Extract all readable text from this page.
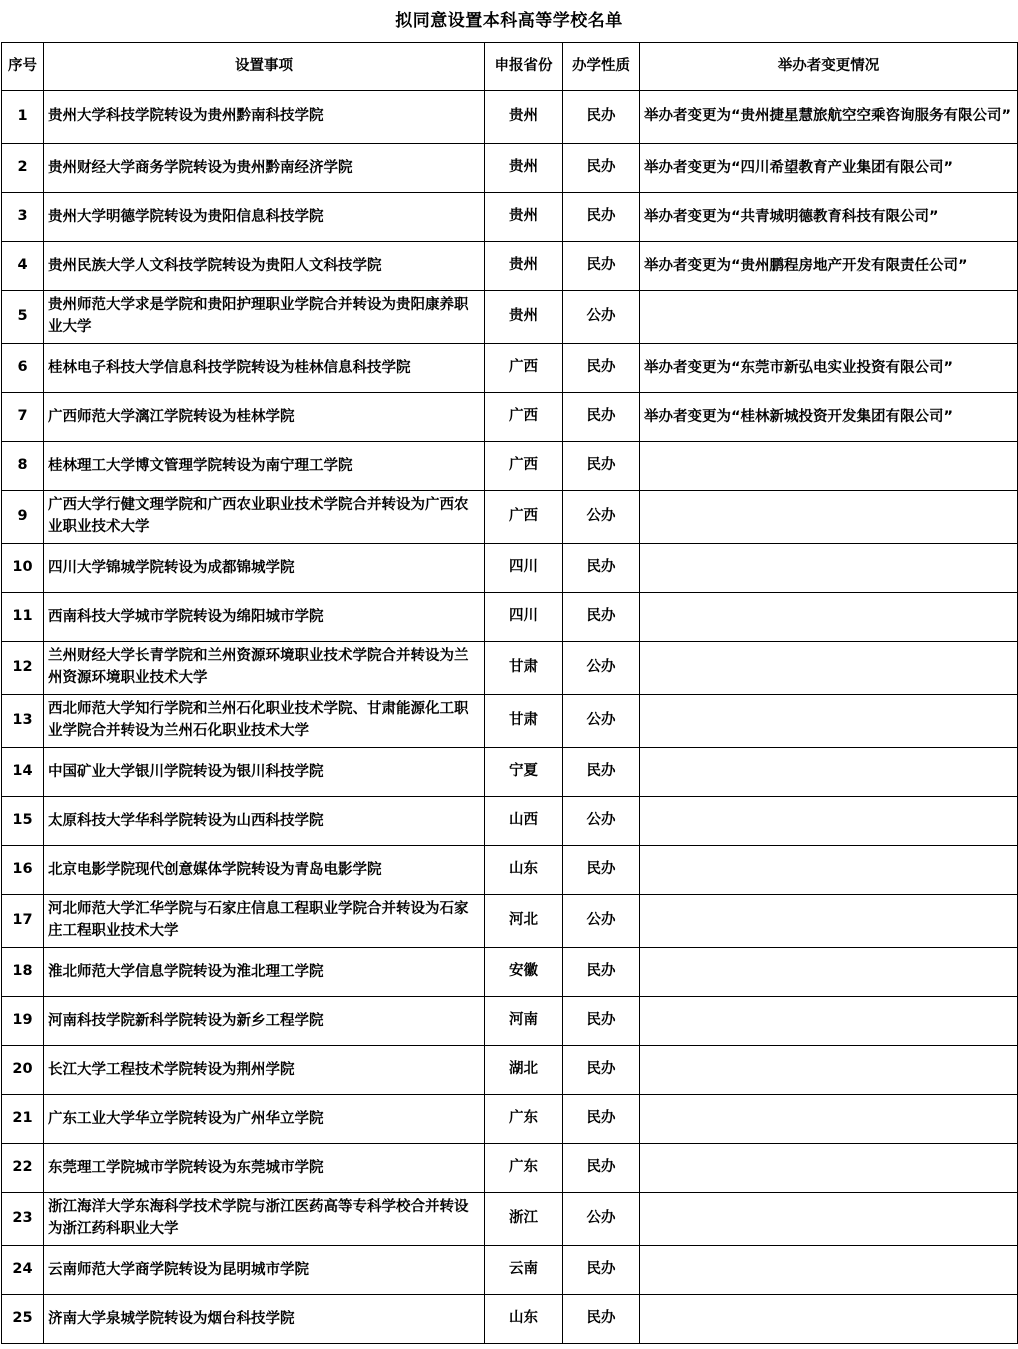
拟同意设置本科高等学校名单
序号	设置事项	申报省份	办学性质	举办者变更情况
1	贵州大学科技学院转设为贵州黔南科技学院	贵州	民办	举办者变更为“贵州捷星慧旅航空空乘咨询服务有限公司”
2	贵州财经大学商务学院转设为贵州黔南经济学院	贵州	民办	举办者变更为“四川希望教育产业集团有限公司”
3	贵州大学明德学院转设为贵阳信息科技学院	贵州	民办	举办者变更为“共青城明德教育科技有限公司”
4	贵州民族大学人文科技学院转设为贵阳人文科技学院	贵州	民办	举办者变更为“贵州鹏程房地产开发有限责任公司”
5	贵州师范大学求是学院和贵阳护理职业学院合并转设为贵阳康养职业大学	贵州	公办	
6	桂林电子科技大学信息科技学院转设为桂林信息科技学院	广西	民办	举办者变更为“东莞市新弘电实业投资有限公司”
7	广西师范大学漓江学院转设为桂林学院	广西	民办	举办者变更为“桂林新城投资开发集团有限公司”
8	桂林理工大学博文管理学院转设为南宁理工学院	广西	民办	
9	广西大学行健文理学院和广西农业职业技术学院合并转设为广西农业职业技术大学	广西	公办	
10	四川大学锦城学院转设为成都锦城学院	四川	民办	
11	西南科技大学城市学院转设为绵阳城市学院	四川	民办	
12	兰州财经大学长青学院和兰州资源环境职业技术学院合并转设为兰州资源环境职业技术大学	甘肃	公办	
13	西北师范大学知行学院和兰州石化职业技术学院、甘肃能源化工职业学院合并转设为兰州石化职业技术大学	甘肃	公办	
14	中国矿业大学银川学院转设为银川科技学院	宁夏	民办	
15	太原科技大学华科学院转设为山西科技学院	山西	公办	
16	北京电影学院现代创意媒体学院转设为青岛电影学院	山东	民办	
17	河北师范大学汇华学院与石家庄信息工程职业学院合并转设为石家庄工程职业技术大学	河北	公办	
18	淮北师范大学信息学院转设为淮北理工学院	安徽	民办	
19	河南科技学院新科学院转设为新乡工程学院	河南	民办	
20	长江大学工程技术学院转设为荆州学院	湖北	民办	
21	广东工业大学华立学院转设为广州华立学院	广东	民办	
22	东莞理工学院城市学院转设为东莞城市学院	广东	民办	
23	浙江海洋大学东海科学技术学院与浙江医药高等专科学校合并转设为浙江药科职业大学	浙江	公办	
24	云南师范大学商学院转设为昆明城市学院	云南	民办	
25	济南大学泉城学院转设为烟台科技学院	山东	民办	
